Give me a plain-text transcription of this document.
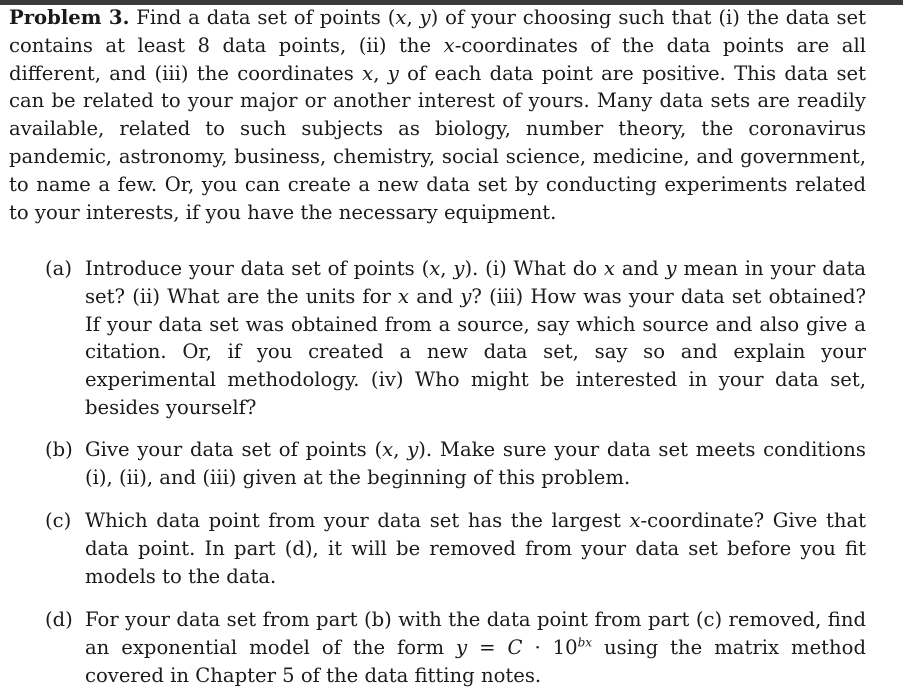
Problem 3. Find a data set of points (x, y) of your choosing such that (i) the data set contains at least 8 data points, (ii) the x-coordinates of the data points are all different, and (iii) the coordinates x, y of each data point are positive. This data set can be related to your major or another interest of yours. Many data sets are readily available, related to such subjects as biology, number theory, the coronavirus pandemic, astronomy, business, chemistry, social science, medicine, and government, to name a few. Or, you can create a new data set by conducting experiments related to your interests, if you have the necessary equipment.

(a) Introduce your data set of points (x, y). (i) What do x and y mean in your data set? (ii) What are the units for x and y? (iii) How was your data set obtained? If your data set was obtained from a source, say which source and also give a citation. Or, if you created a new data set, say so and explain your experimental methodology. (iv) Who might be interested in your data set, besides yourself?
(b) Give your data set of points (x, y). Make sure your data set meets conditions (i), (ii), and (iii) given at the beginning of this problem.
(c) Which data point from your data set has the largest x-coordinate? Give that data point. In part (d), it will be removed from your data set before you fit models to the data.
(d) For your data set from part (b) with the data point from part (c) removed, find an exponential model of the form $y = C \cdot 10^{bx}$ using the matrix method covered in Chapter 5 of the data fitting notes.
